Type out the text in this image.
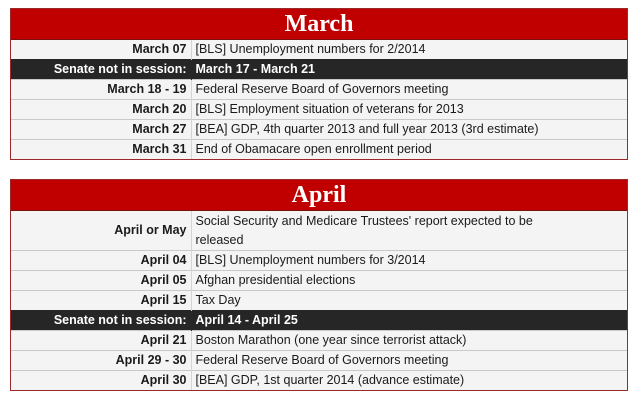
March
March 07	[BLS] Unemployment numbers for 2/2014
Senate not in session:	March 17 - March 21
March 18 - 19	Federal Reserve Board of Governors meeting
March 20	[BLS] Employment situation of veterans for 2013
March 27	[BEA] GDP, 4th quarter 2013 and full year 2013 (3rd estimate)
March 31	End of Obamacare open enrollment period
April
April or May	Social Security and Medicare Trustees' report expected to be released
April 04	[BLS] Unemployment numbers for 3/2014
April 05	Afghan presidential elections
April 15	Tax Day
Senate not in session:	April 14 - April 25
April 21	Boston Marathon (one year since terrorist attack)
April 29 - 30	Federal Reserve Board of Governors meeting
April 30	[BEA] GDP, 1st quarter 2014 (advance estimate)
